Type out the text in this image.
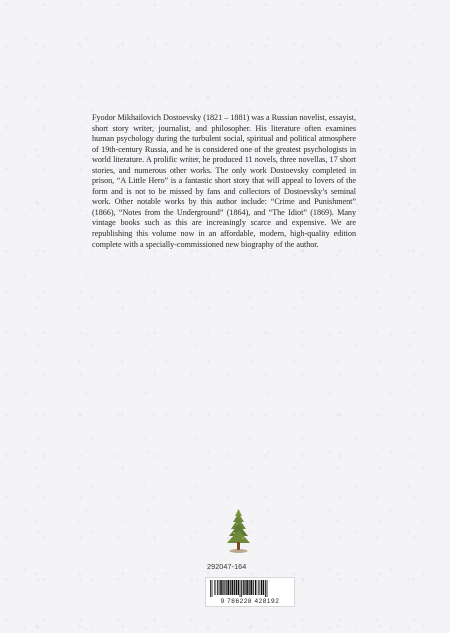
Fyodor Mikhailovich Dostoevsky (1821 – 1881) was a Russian novelist, essayist, short story writer, journalist, and philosopher. His literature often examines human psychology during the turbulent social, spiritual and political atmosphere of 19th-century Russia, and he is considered one of the greatest psychologists in world literature. A prolific writer, he produced 11 novels, three novellas, 17 short stories, and numerous other works. The only work Dostoevsky completed in prison, “A Little Hero” is a fantastic short story that will appeal to lovers of the form and is not to be missed by fans and collectors of Dostoevsky’s seminal work. Other notable works by this author include: “Crime and Punishment” (1866), “Notes from the Underground” (1864), and “The Idiot” (1869). Many vintage books such as this are increasingly scarce and expensive. We are republishing this volume now in an affordable, modern, high-quality edition complete with a specially-commissioned new biography of the author.

292047-164
9 786228 428192
